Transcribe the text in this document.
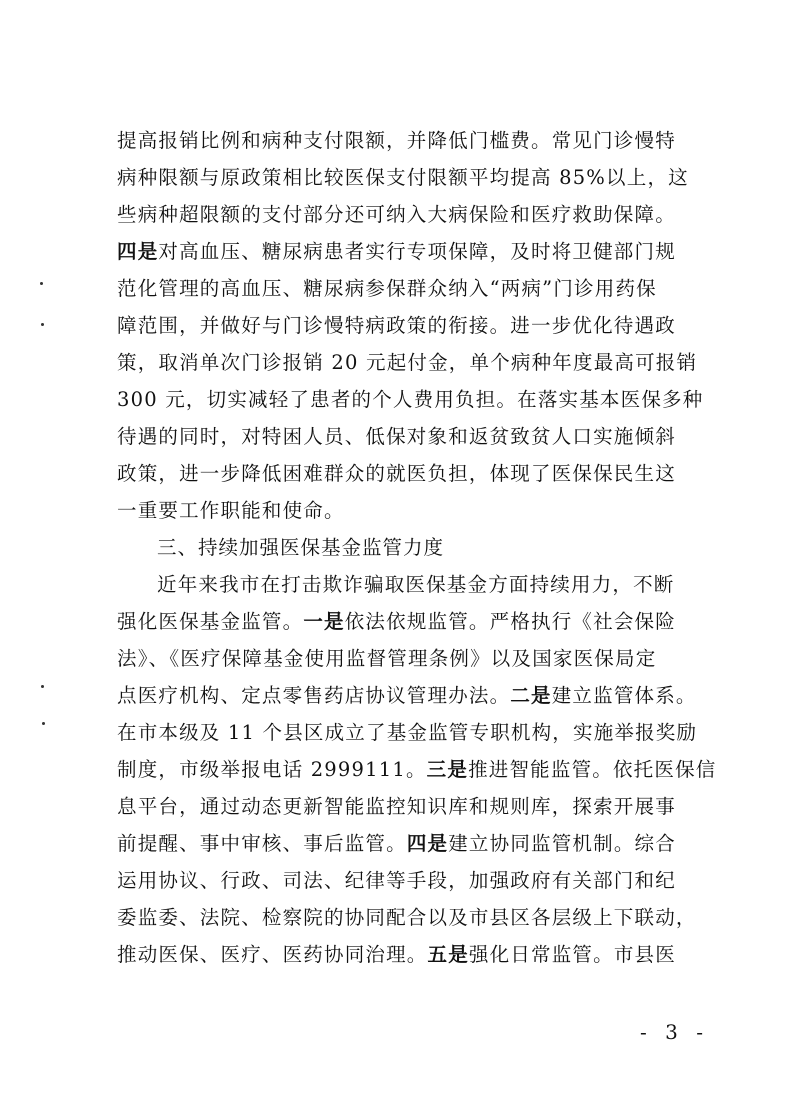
提高报销比例和病种支付限额，并降低门槛费。常见门诊慢特
病种限额与原政策相比较医保支付限额平均提高 85%以上，这
些病种超限额的支付部分还可纳入大病保险和医疗救助保障。
四是对高血压、糖尿病患者实行专项保障，及时将卫健部门规
范化管理的高血压、糖尿病参保群众纳入“两病”门诊用药保
障范围，并做好与门诊慢特病政策的衔接。进一步优化待遇政
策，取消单次门诊报销 20 元起付金，单个病种年度最高可报销
300 元，切实减轻了患者的个人费用负担。在落实基本医保多种
待遇的同时，对特困人员、低保对象和返贫致贫人口实施倾斜
政策，进一步降低困难群众的就医负担，体现了医保保民生这
一重要工作职能和使命。
三、持续加强医保基金监管力度
近年来我市在打击欺诈骗取医保基金方面持续用力，不断
强化医保基金监管。一是依法依规监管。严格执行《社会保险
法》、《医疗保障基金使用监督管理条例》以及国家医保局定
点医疗机构、定点零售药店协议管理办法。二是建立监管体系。
在市本级及 11 个县区成立了基金监管专职机构，实施举报奖励
制度，市级举报电话 2999111。三是推进智能监管。依托医保信
息平台，通过动态更新智能监控知识库和规则库，探索开展事
前提醒、事中审核、事后监管。四是建立协同监管机制。综合
运用协议、行政、司法、纪律等手段，加强政府有关部门和纪
委监委、法院、检察院的协同配合以及市县区各层级上下联动，
推动医保、医疗、医药协同治理。五是强化日常监管。市县医
- 3 -
